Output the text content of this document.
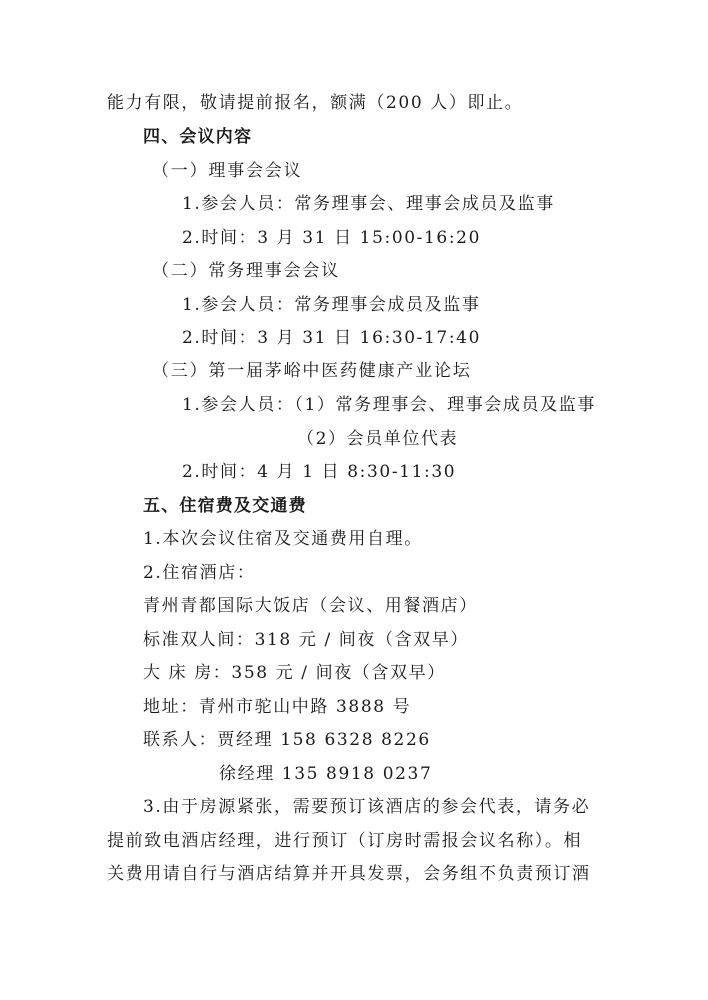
能力有限，敬请提前报名，额满（200 人）即止。
四、会议内容
（一）理事会会议
1.参会人员：常务理事会、理事会成员及监事
2.时间：3 月 31 日 15:00-16:20
（二）常务理事会会议
1.参会人员：常务理事会成员及监事
2.时间：3 月 31 日 16:30-17:40
（三）第一届茅峪中医药健康产业论坛
1.参会人员：（1）常务理事会、理事会成员及监事
（2）会员单位代表
2.时间：4 月 1 日 8:30-11:30
五、住宿费及交通费
1.本次会议住宿及交通费用自理。
2.住宿酒店：
青州青都国际大饭店（会议、用餐酒店）
标准双人间：318 元 / 间夜（含双早）
大 床 房：358 元 / 间夜（含双早）
地址：青州市驼山中路 3888 号
联系人：贾经理 158 6328 8226
徐经理 135 8918 0237
3.由于房源紧张，需要预订该酒店的参会代表，请务必
提前致电酒店经理，进行预订（订房时需报会议名称）。相
关费用请自行与酒店结算并开具发票，会务组不负责预订酒
